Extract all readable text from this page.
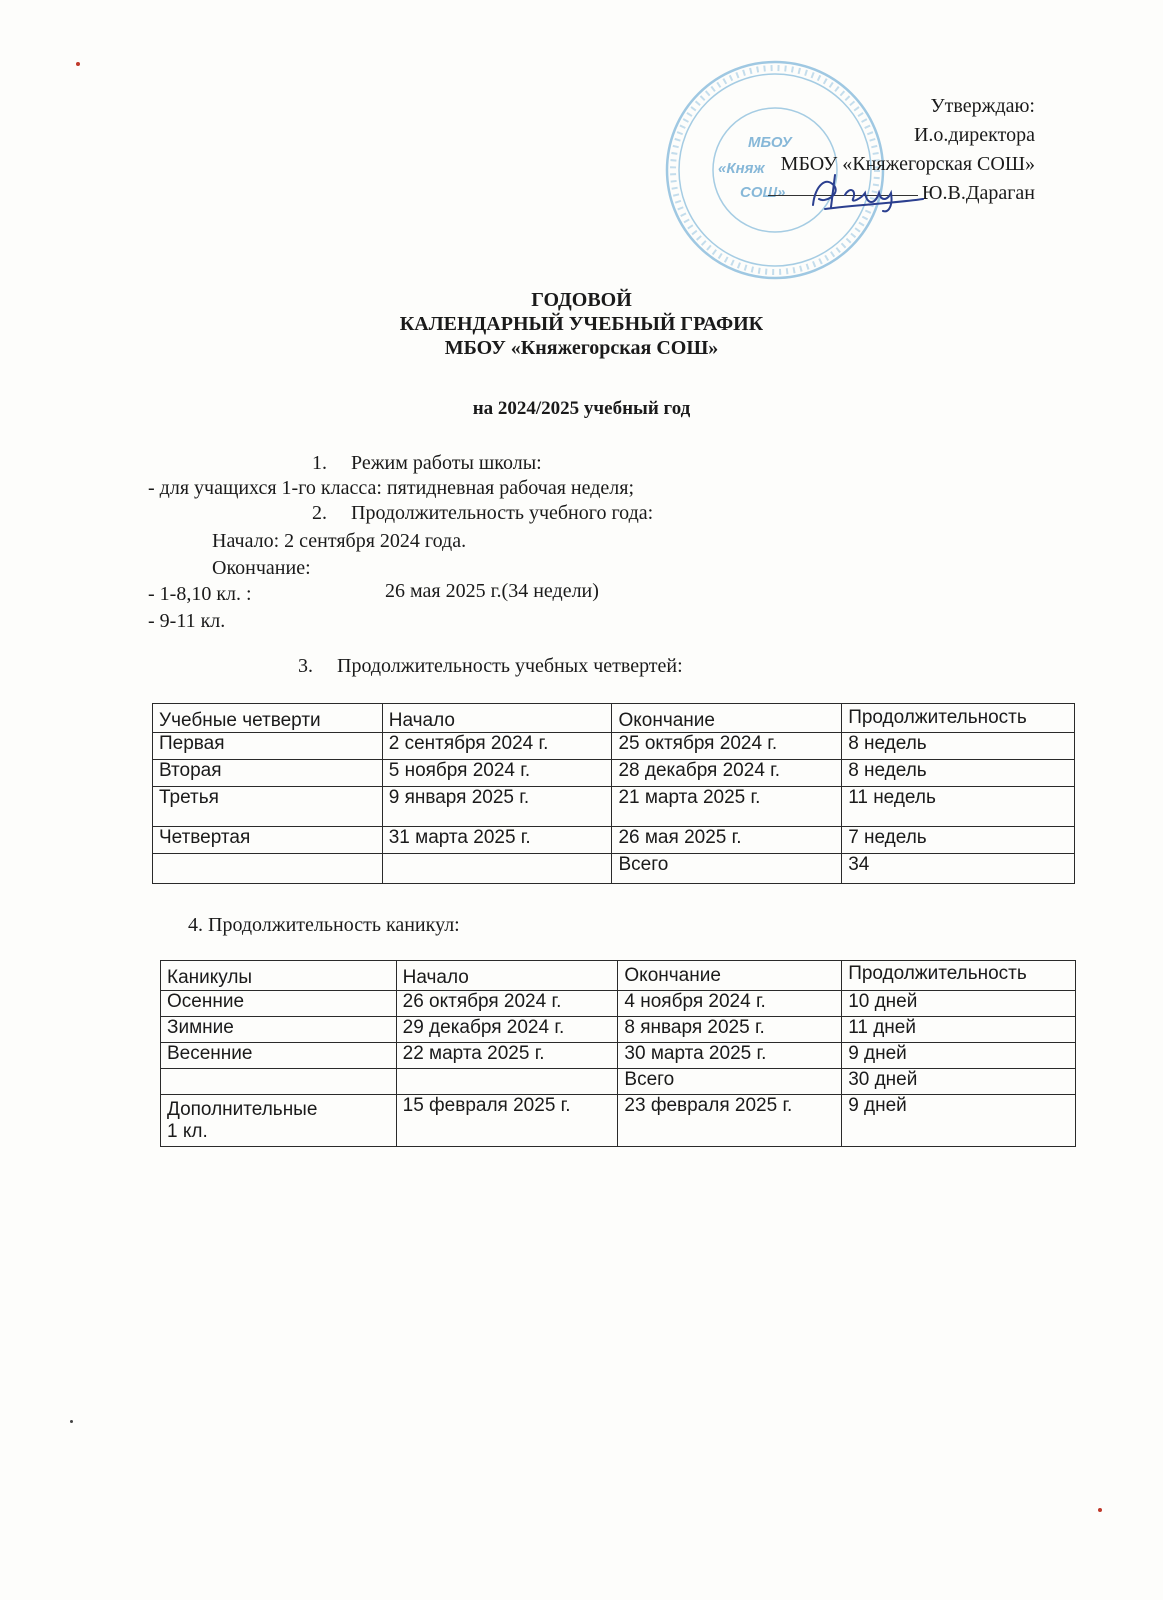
МБОУ
«Княж
СОШ»
Утверждаю:
И.о.директора
МБОУ «Княжегорская СОШ»
Ю.В.Дараган
ГОДОВОЙ
КАЛЕНДАРНЫЙ УЧЕБНЫЙ ГРАФИК
МБОУ «Княжегорская СОШ»
на 2024/2025 учебный год
1. Режим работы школы:
- для учащихся 1-го класса: пятидневная рабочая неделя;
2. Продолжительность учебного года:
Начало: 2 сентября 2024 года.
Окончание:
- 1-8,10 кл. :	26 мая 2025 г.(34 недели)
- 9-11 кл.
3. Продолжительность учебных четвертей:
Учебные четверти	Начало	Окончание	Продолжительность
Первая	2 сентября 2024 г.	25 октября 2024 г.	8 недель
Вторая	5 ноября 2024 г.	28 декабря 2024 г.	8 недель
Третья	9 января 2025 г.	21 марта 2025 г.	11 недель
Четвертая	31 марта 2025 г.	26 мая 2025 г.	7 недель
		Всего	34
4. Продолжительность каникул:
Каникулы	Начало	Окончание	Продолжительность
Осенние	26 октября 2024 г.	4 ноября 2024 г.	10 дней
Зимние	29 декабря 2024 г.	8 января 2025 г.	11 дней
Весенние	22 марта 2025 г.	30 марта 2025 г.	9 дней
		Всего	30 дней
Дополнительные
1 кл.	15 февраля 2025 г.	23 февраля 2025 г.	9 дней
